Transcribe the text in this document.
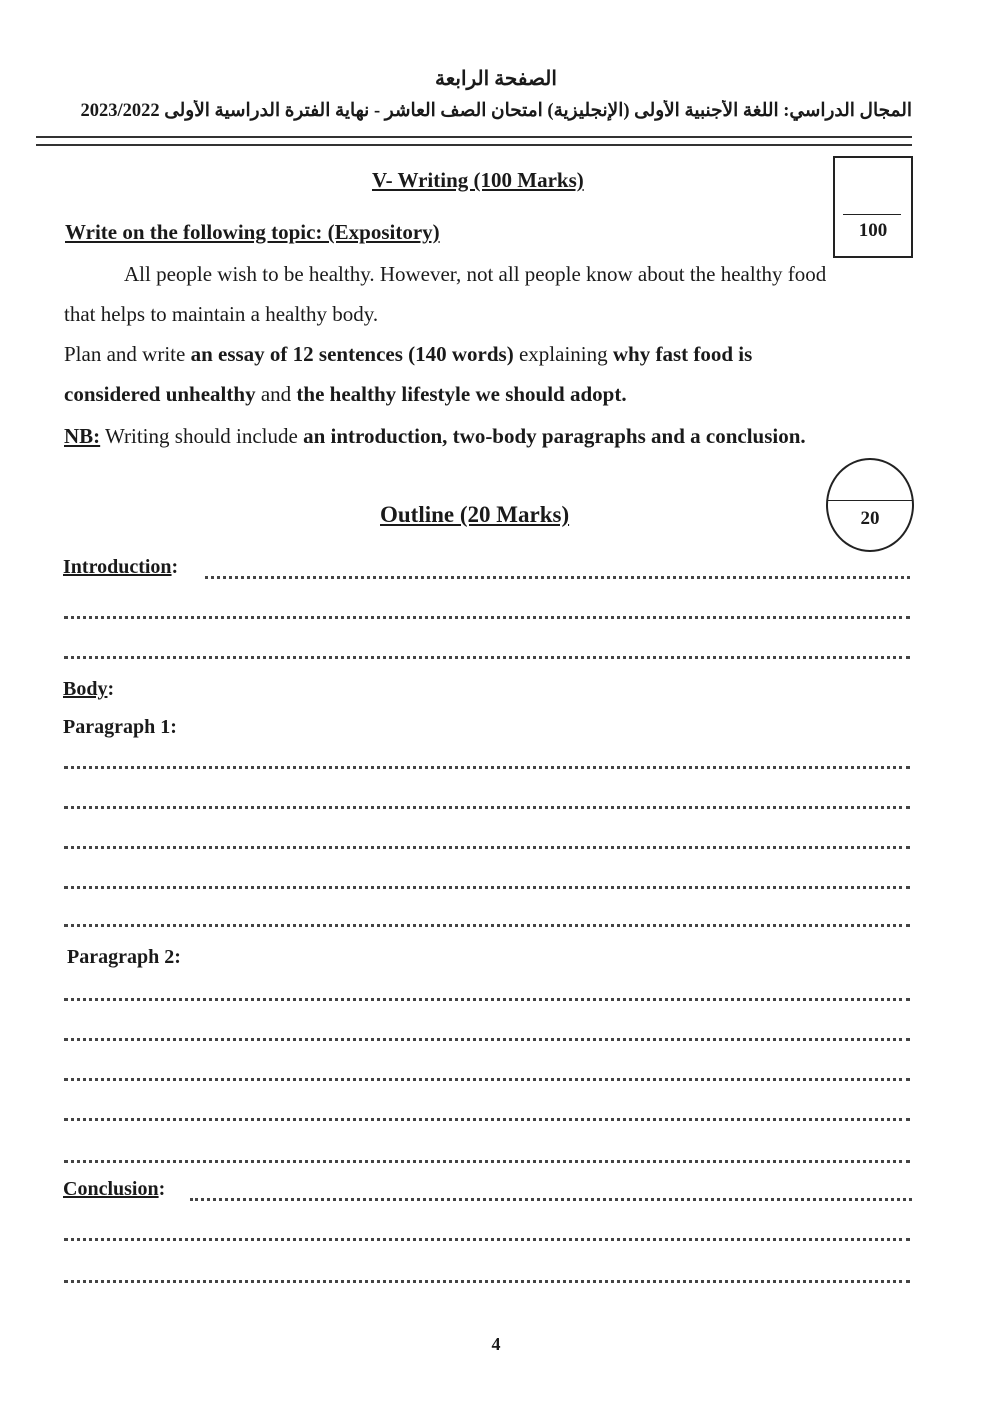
الصفحة الرابعة
المجال الدراسي: اللغة الأجنبية الأولى (الإنجليزية) امتحان الصف العاشر - نهاية الفترة الدراسية الأولى 2023/2022
V- Writing (100 Marks)
100
Write on the following topic: (Expository)
All people wish to be healthy. However, not all people know about the healthy food
that helps to maintain a healthy body.
Plan and write an essay of 12 sentences (140 words) explaining why fast food is
considered unhealthy and the healthy lifestyle we should adopt.
NB: Writing should include an introduction, two-body paragraphs and a conclusion.
Outline (20 Marks)	20
Introduction:
Body:
Paragraph 1:
Paragraph 2:
Conclusion:
4
